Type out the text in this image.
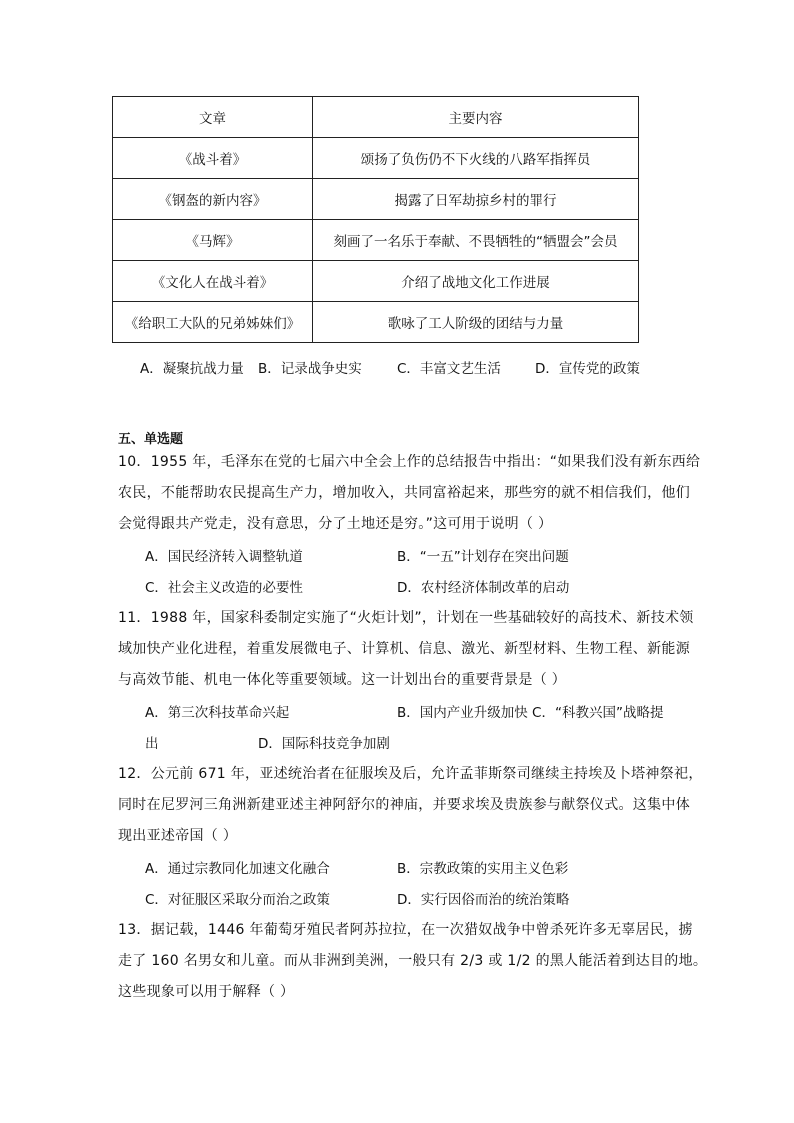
文章	主要内容
《战斗着》	颂扬了负伤仍不下火线的八路军指挥员
《钢盔的新内容》	揭露了日军劫掠乡村的罪行
《马辉》	刻画了一名乐于奉献、不畏牺牲的“牺盟会”会员
《文化人在战斗着》	介绍了战地文化工作进展
《给职工大队的兄弟姊妹们》	歌咏了工人阶级的团结与力量
A．凝聚抗战力量 B．记录战争史实	C．丰富文艺生活	D．宣传党的政策
五、单选题
10．1955 年，毛泽东在党的七届六中全会上作的总结报告中指出：“如果我们没有新东西给
农民，不能帮助农民提高生产力，增加收入，共同富裕起来，那些穷的就不相信我们，他们
会觉得跟共产党走，没有意思，分了土地还是穷。”这可用于说明（ ）
A．国民经济转入调整轨道	B．“一五”计划存在突出问题
C．社会主义改造的必要性	D．农村经济体制改革的启动
11．1988 年，国家科委制定实施了“火炬计划”，计划在一些基础较好的高技术、新技术领
域加快产业化进程，着重发展微电子、计算机、信息、激光、新型材料、生物工程、新能源
与高效节能、机电一体化等重要领域。这一计划出台的重要背景是（ ）
A．第三次科技革命兴起	B．国内产业升级加快 C．“科教兴国”战略提
出	D．国际科技竞争加剧
12．公元前 671 年，亚述统治者在征服埃及后，允许孟菲斯祭司继续主持埃及卜塔神祭祀，
同时在尼罗河三角洲新建亚述主神阿舒尔的神庙，并要求埃及贵族参与献祭仪式。这集中体
现出亚述帝国（ ）
A．通过宗教同化加速文化融合	B．宗教政策的实用主义色彩
C．对征服区采取分而治之政策	D．实行因俗而治的统治策略
13．据记载，1446 年葡萄牙殖民者阿苏拉拉，在一次猎奴战争中曾杀死许多无辜居民，掳
走了 160 名男女和儿童。而从非洲到美洲，一般只有 2/3 或 1/2 的黑人能活着到达目的地。
这些现象可以用于解释（ ）
